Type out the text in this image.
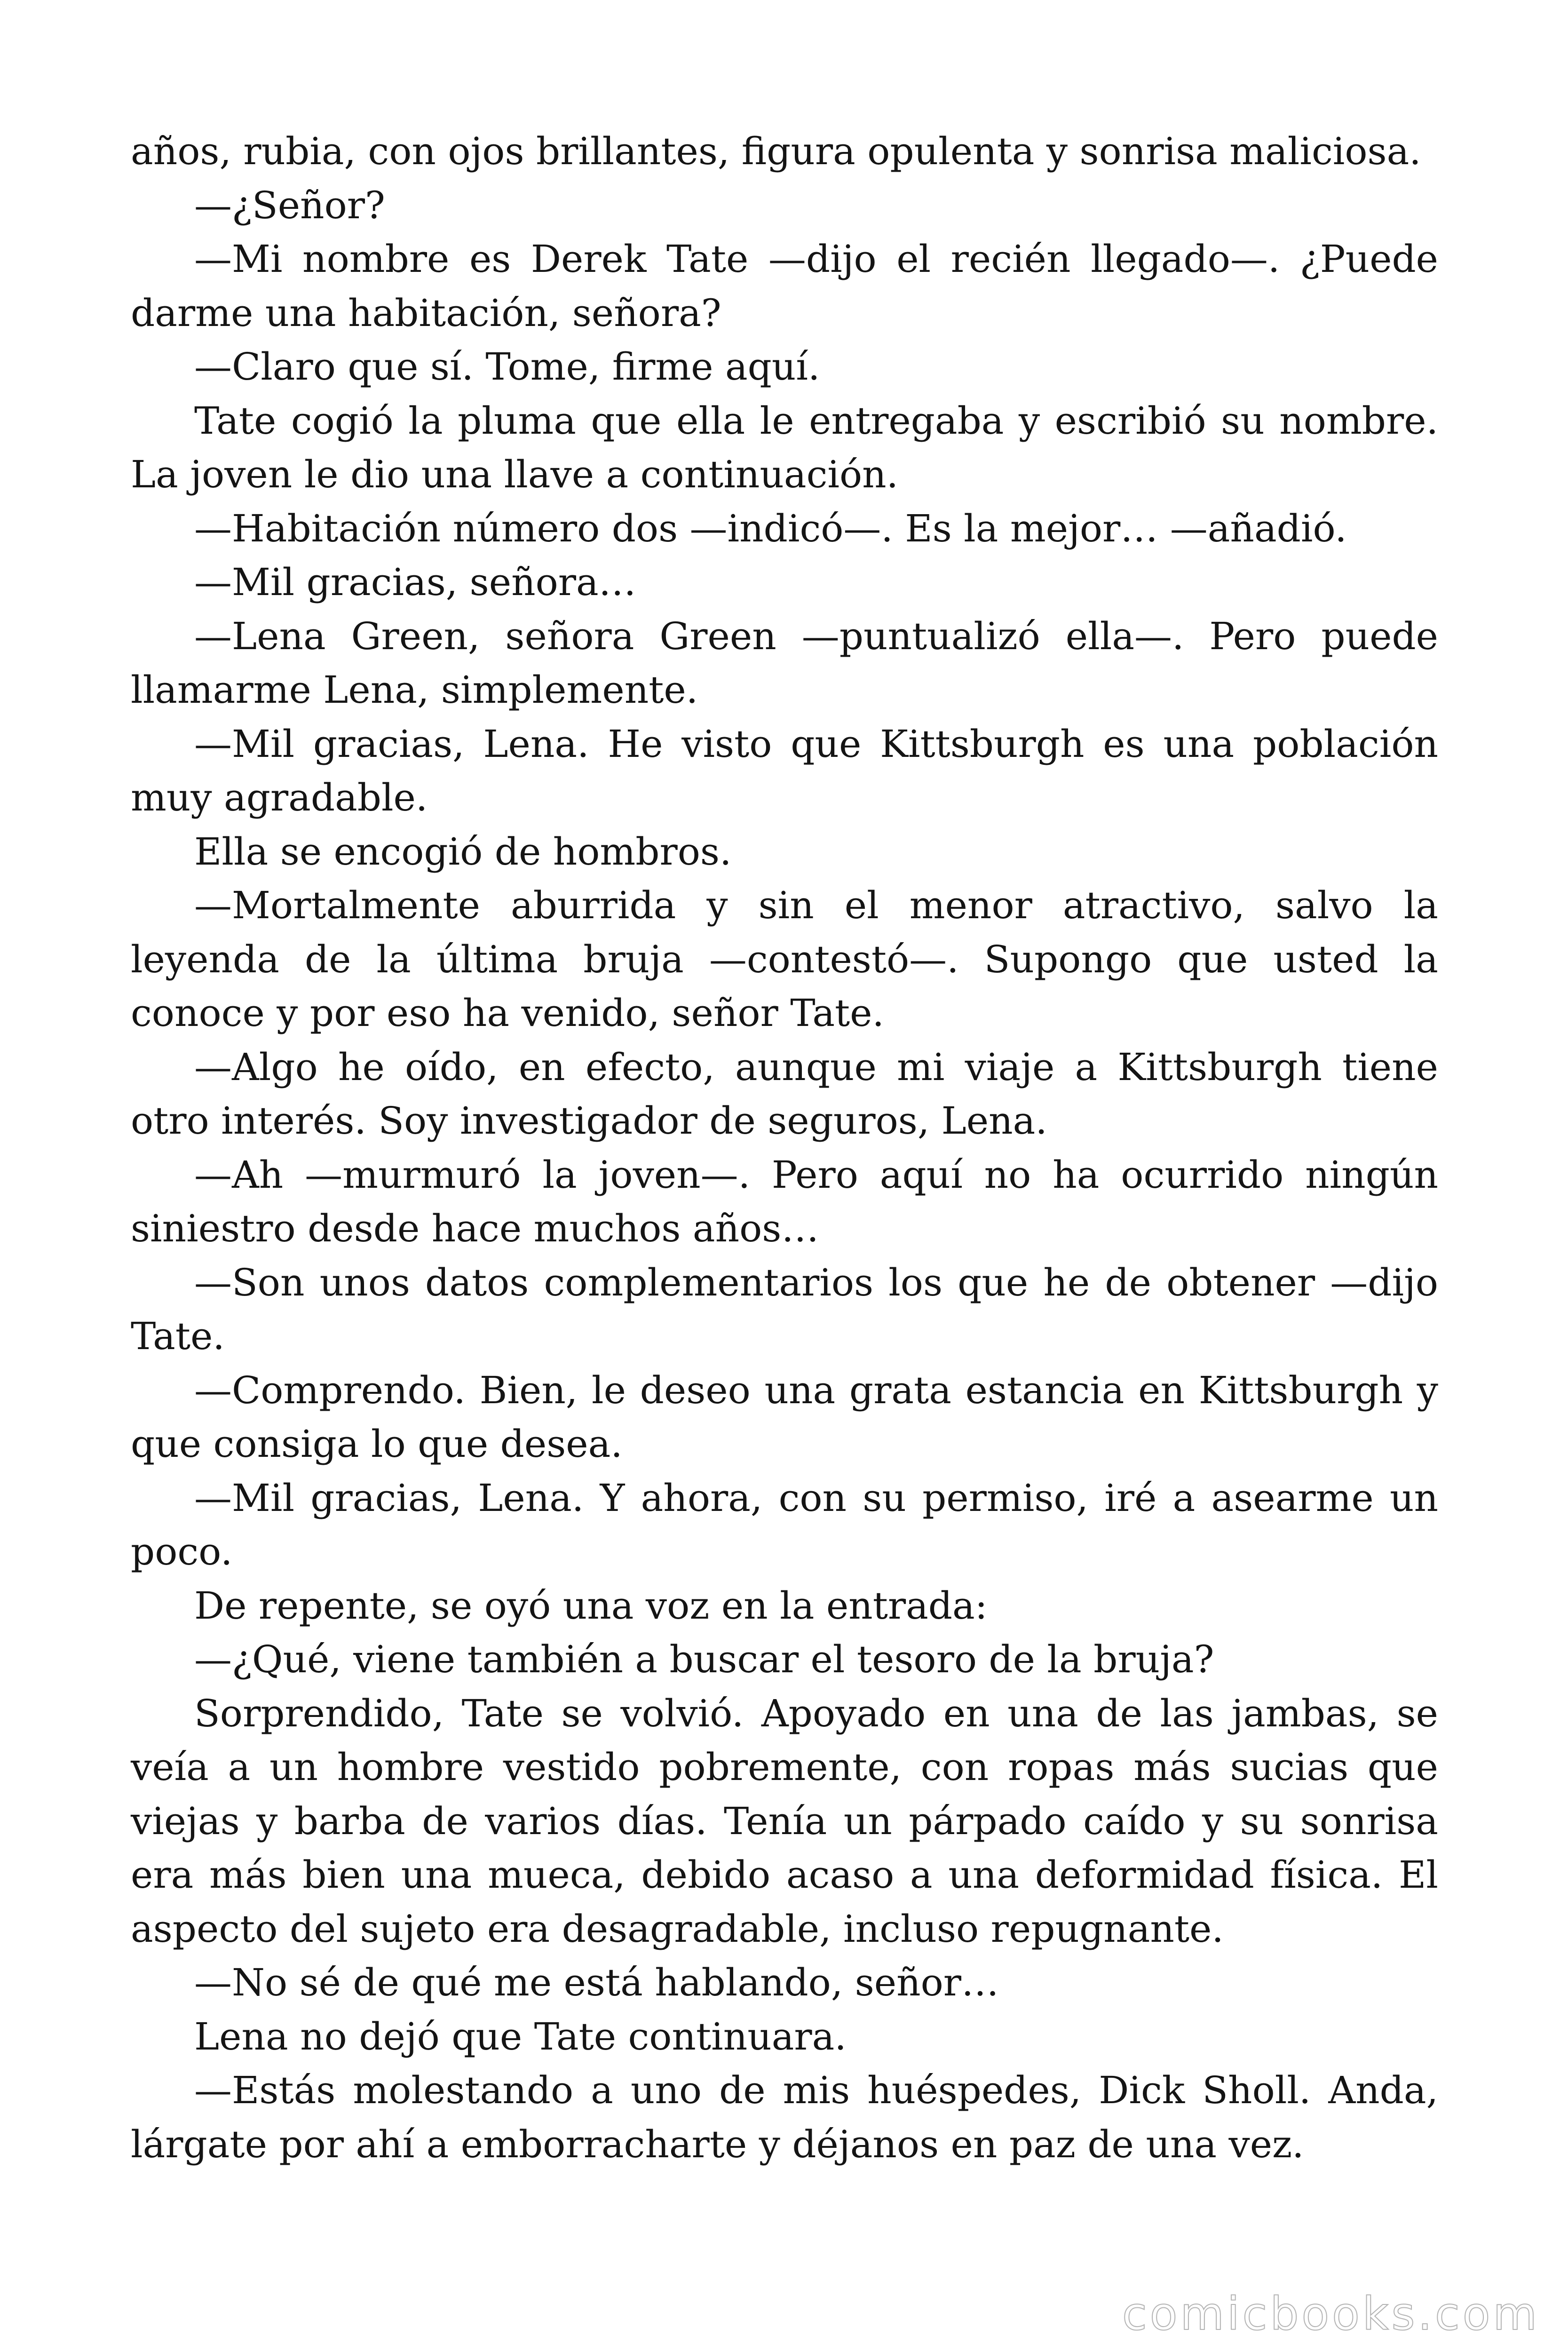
años, rubia, con ojos brillantes, figura opulenta y sonrisa maliciosa.

—¿Señor?

—Mi nombre es Derek Tate —dijo el recién llegado—. ¿Puede darme una habitación, señora?

—Claro que sí. Tome, firme aquí.

Tate cogió la pluma que ella le entregaba y escribió su nombre. La joven le dio una llave a continuación.

—Habitación número dos —indicó—. Es la mejor… —añadió.

—Mil gracias, señora…

—Lena Green, señora Green —puntualizó ella—. Pero puede llamarme Lena, simplemente.

—Mil gracias, Lena. He visto que Kittsburgh es una población muy agradable.

Ella se encogió de hombros.

—Mortalmente aburrida y sin el menor atractivo, salvo la leyenda de la última bruja —contestó—. Supongo que usted la conoce y por eso ha venido, señor Tate.

—Algo he oído, en efecto, aunque mi viaje a Kittsburgh tiene otro interés. Soy investigador de seguros, Lena.

—Ah —murmuró la joven—. Pero aquí no ha ocurrido ningún siniestro desde hace muchos años…

—Son unos datos complementarios los que he de obtener —dijo Tate.

—Comprendo. Bien, le deseo una grata estancia en Kittsburgh y que consiga lo que desea.

—Mil gracias, Lena. Y ahora, con su permiso, iré a asearme un poco.

De repente, se oyó una voz en la entrada:

—¿Qué, viene también a buscar el tesoro de la bruja?

Sorprendido, Tate se volvió. Apoyado en una de las jambas, se veía a un hombre vestido pobremente, con ropas más sucias que viejas y barba de varios días. Tenía un párpado caído y su sonrisa era más bien una mueca, debido acaso a una deformidad física. El aspecto del sujeto era desagradable, incluso repugnante.

—No sé de qué me está hablando, señor…

Lena no dejó que Tate continuara.

—Estás molestando a uno de mis huéspedes, Dick Sholl. Anda, lárgate por ahí a emborracharte y déjanos en paz de una vez.

comicbooks.com
